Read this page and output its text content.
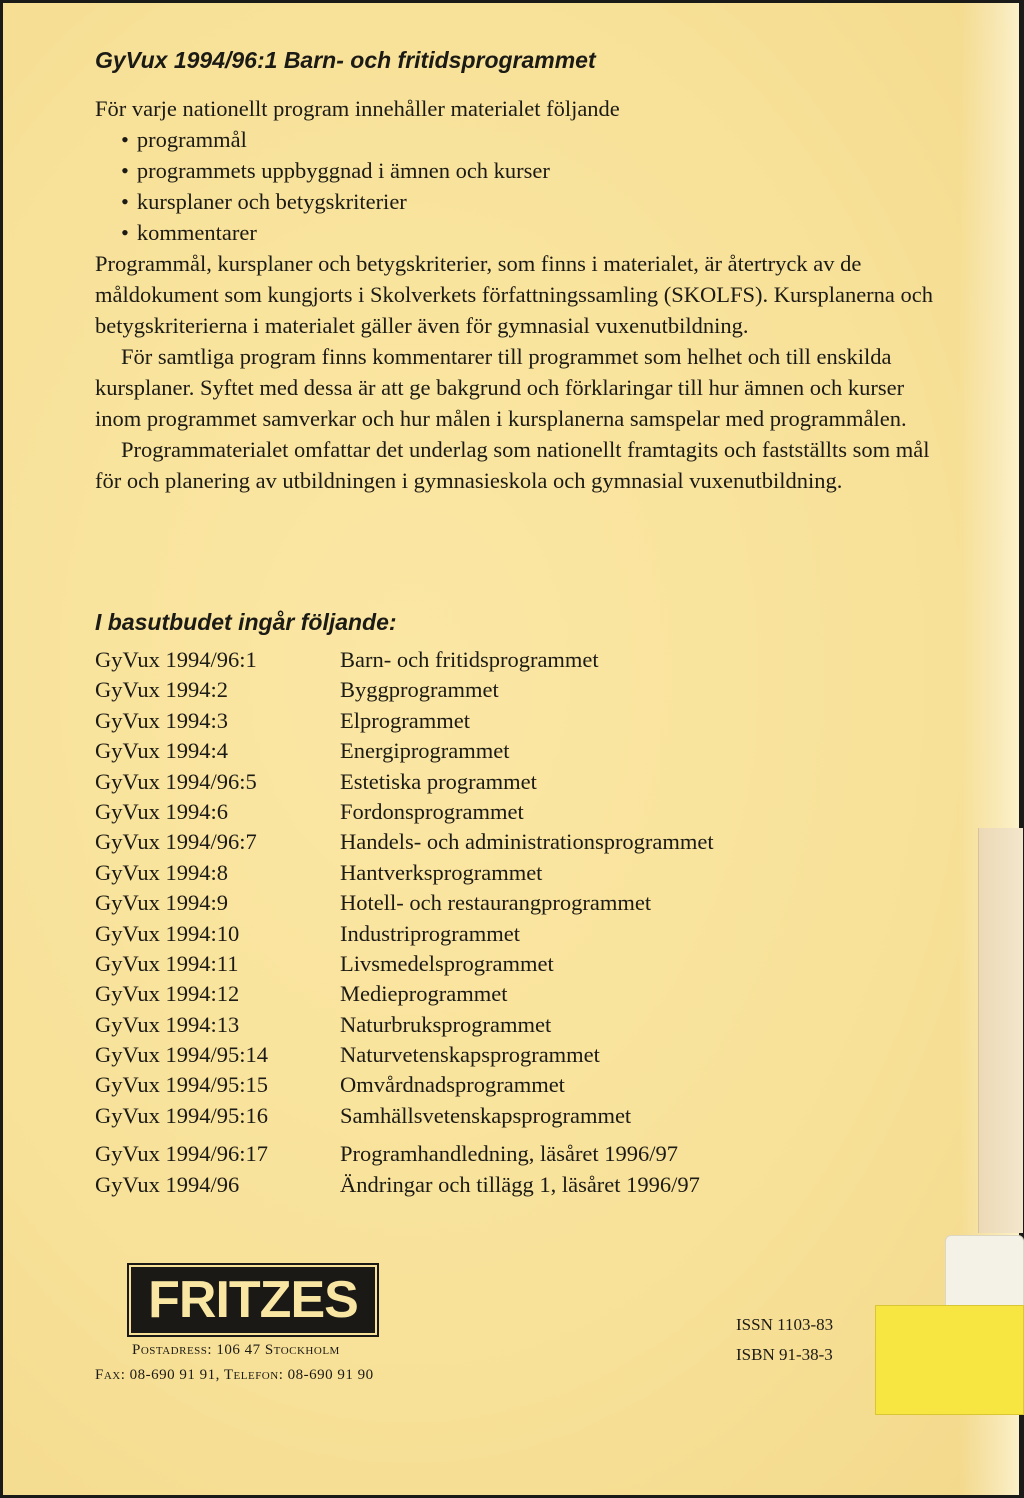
GyVux 1994/96:1 Barn- och fritidsprogrammet

För varje nationellt program innehåller materialet följande

• programmål
• programmets uppbyggnad i ämnen och kurser
• kursplaner och betygskriterier
• kommentarer

Programmål, kursplaner och betygskriterier, som finns i materialet, är återtryck av de måldokument som kungjorts i Skolverkets författningssamling (SKOLFS). Kursplanerna och betygskriterierna i materialet gäller även för gymnasial vuxenutbildning.

För samtliga program finns kommentarer till programmet som helhet och till enskilda kursplaner. Syftet med dessa är att ge bakgrund och förklaringar till hur ämnen och kurser inom programmet samverkar och hur målen i kursplanerna samspelar med programmålen.

Programmaterialet omfattar det underlag som nationellt framtagits och fastställts som mål för och planering av utbildningen i gymnasieskola och gymnasial vuxenutbildning.

I basutbudet ingår följande:
GyVux 1994/96:1	Barn- och fritidsprogrammet
GyVux 1994:2	Byggprogrammet
GyVux 1994:3	Elprogrammet
GyVux 1994:4	Energiprogrammet
GyVux 1994/96:5	Estetiska programmet
GyVux 1994:6	Fordonsprogrammet
GyVux 1994/96:7	Handels- och administrationsprogrammet
GyVux 1994:8	Hantverksprogrammet
GyVux 1994:9	Hotell- och restaurangprogrammet
GyVux 1994:10	Industriprogrammet
GyVux 1994:11	Livsmedelsprogrammet
GyVux 1994:12	Medieprogrammet
GyVux 1994:13	Naturbruksprogrammet
GyVux 1994/95:14	Naturvetenskapsprogrammet
GyVux 1994/95:15	Omvårdnadsprogrammet
GyVux 1994/95:16	Samhällsvetenskapsprogrammet
GyVux 1994/96:17	Programhandledning, läsåret 1996/97
GyVux 1994/96	Ändringar och tillägg 1, läsåret 1996/97
FRITZES
Postadress: 106 47 Stockholm
Fax: 08-690 91 91, Telefon: 08-690 91 90
ISSN 1103-83
ISBN 91-38-3
